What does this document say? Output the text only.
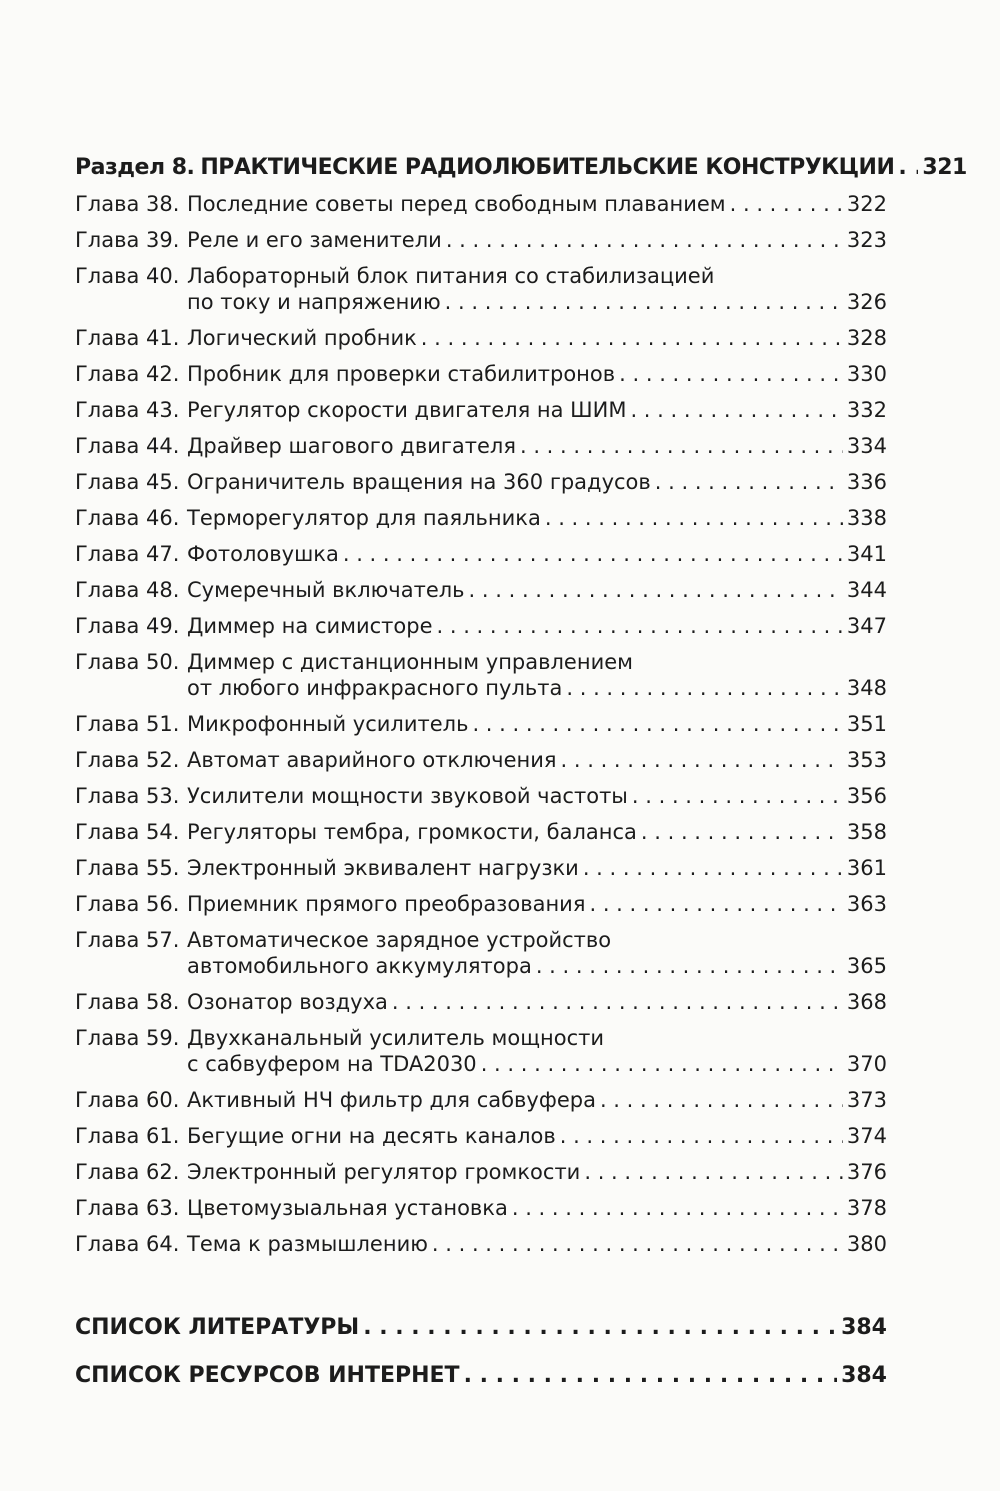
Раздел 8. ПРАКТИЧЕСКИЕ РАДИОЛЮБИТЕЛЬСКИЕ КОНСТРУКЦИИ . . . 321
Глава 38. Последние советы перед свободным плаванием . . .	322
Глава 39. Реле и его заменители . . .	323
Глава 40. Лабораторный блок питания со стабилизацией
по току и напряжению . . .	326
Глава 41. Логический пробник . . .	328
Глава 42. Пробник для проверки стабилитронов . . .	330
Глава 43. Регулятор скорости двигателя на ШИМ . . .	332
Глава 44. Драйвер шагового двигателя . . .	334
Глава 45. Ограничитель вращения на 360 градусов . . .	336
Глава 46. Терморегулятор для паяльника . . .	338
Глава 47. Фотоловушка . . .	341
Глава 48. Сумеречный включатель . . .	344
Глава 49. Диммер на симисторе . . .	347
Глава 50. Диммер с дистанционным управлением
от любого инфракрасного пульта . . .	348
Глава 51. Микрофонный усилитель . . .	351
Глава 52. Автомат аварийного отключения . . .	353
Глава 53. Усилители мощности звуковой частоты . . .	356
Глава 54. Регуляторы тембра, громкости, баланса . . .	358
Глава 55. Электронный эквивалент нагрузки . . .	361
Глава 56. Приемник прямого преобразования . . .	363
Глава 57. Автоматическое зарядное устройство
автомобильного аккумулятора . . .	365
Глава 58. Озонатор воздуха . . .	368
Глава 59. Двухканальный усилитель мощности
с сабвуфером на TDA2030 . . .	370
Глава 60. Активный НЧ фильтр для сабвуфера . . .	373
Глава 61. Бегущие огни на десять каналов . . .	374
Глава 62. Электронный регулятор громкости . . .	376
Глава 63. Цветомузыальная установка . . .	378
Глава 64. Тема к размышлению . . .	380
СПИСОК ЛИТЕРАТУРЫ . . .	384
СПИСОК РЕСУРСОВ ИНТЕРНЕТ . . .	384
